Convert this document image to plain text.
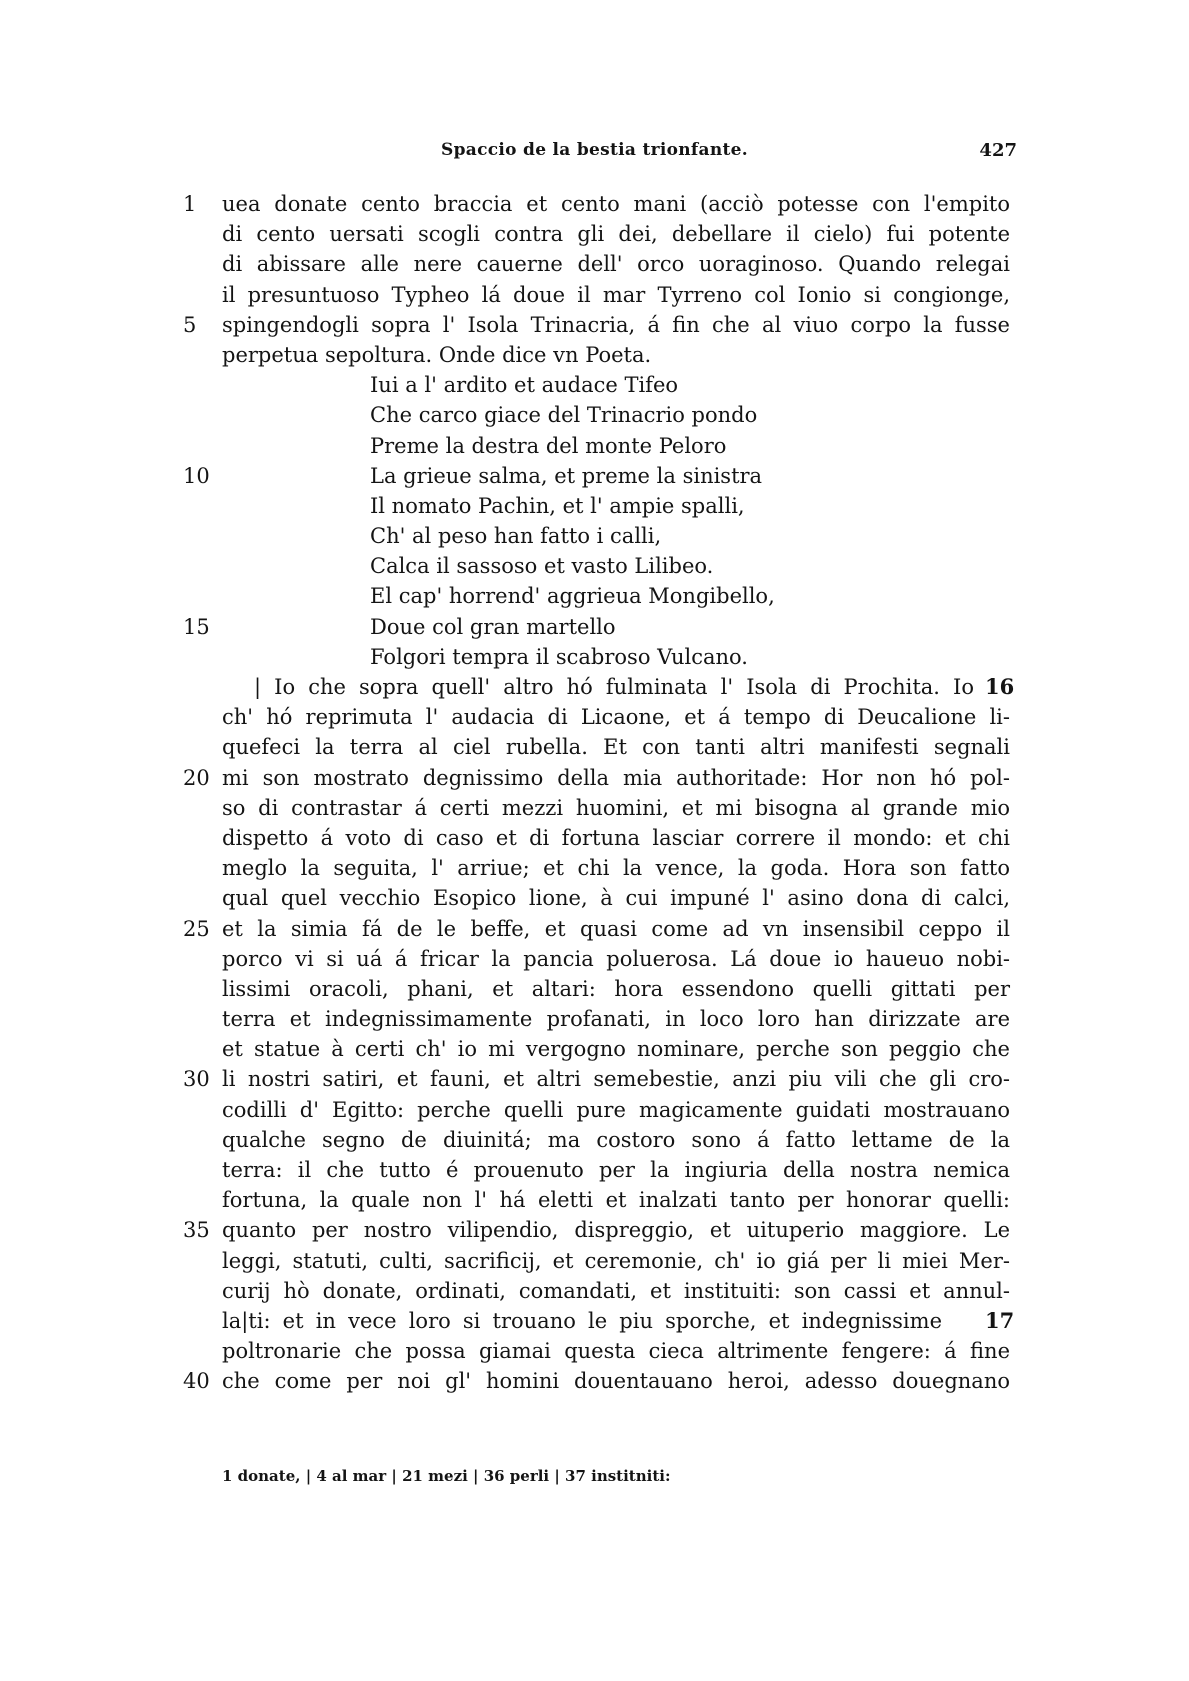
Spaccio de la bestia trionfante.	427
1	uea donate cento braccia et cento mani (acciò potesse con l'empito
di cento uersati scogli contra gli dei, debellare il cielo) fui potente
di abissare alle nere cauerne dell' orco uoraginoso. Quando relegai
il presuntuoso Typheo lá doue il mar Tyrreno col Ionio si congionge,
5	spingendogli sopra l' Isola Trinacria, á fin che al viuo corpo la fusse
perpetua sepoltura. Onde dice vn Poeta.
Iui a l' ardito et audace Tifeo
Che carco giace del Trinacrio pondo
Preme la destra del monte Peloro
10	La grieue salma, et preme la sinistra
Il nomato Pachin, et l' ampie spalli,
Ch' al peso han fatto i calli,
Calca il sassoso et vasto Lilibeo.
El cap' horrend' aggrieua Mongibello,
15	Doue col gran martello
Folgori tempra il scabroso Vulcano.
| Io che sopra quell' altro hó fulminata l' Isola di Prochita. Io 16
ch' hó reprimuta l' audacia di Licaone, et á tempo di Deucalione li-
quefeci la terra al ciel rubella. Et con tanti altri manifesti segnali
20 mi son mostrato degnissimo della mia authoritade: Hor non hó pol-
so di contrastar á certi mezzi huomini, et mi bisogna al grande mio
dispetto á voto di caso et di fortuna lasciar correre il mondo: et chi
meglo la seguita, l' arriue; et chi la vence, la goda. Hora son fatto
qual quel vecchio Esopico lione, à cui impuné l' asino dona di calci,
25 et la simia fá de le beffe, et quasi come ad vn insensibil ceppo il
porco vi si uá á fricar la pancia poluerosa. Lá doue io haueuo nobi-
lissimi oracoli, phani, et altari: hora essendono quelli gittati per
terra et indegnissimamente profanati, in loco loro han dirizzate are
et statue à certi ch' io mi vergogno nominare, perche son peggio che
30 li nostri satiri, et fauni, et altri semebestie, anzi piu vili che gli cro-
codilli d' Egitto: perche quelli pure magicamente guidati mostrauano
qualche segno de diuinitá; ma costoro sono á fatto lettame de la
terra: il che tutto é prouenuto per la ingiuria della nostra nemica
fortuna, la quale non l' há eletti et inalzati tanto per honorar quelli:
35 quanto per nostro vilipendio, dispreggio, et uituperio maggiore. Le
leggi, statuti, culti, sacrificij, et ceremonie, ch' io giá per li miei Mer-
curij hò donate, ordinati, comandati, et instituiti: son cassi et annul-
la|ti: et in vece loro si trouano le piu sporche, et indegnissime 17
poltronarie che possa giamai questa cieca altrimente fengere: á fine
40 che come per noi gl' homini douentauano heroi, adesso douegnano
1 donate, | 4 al mar | 21 mezi | 36 perli | 37 institniti:
